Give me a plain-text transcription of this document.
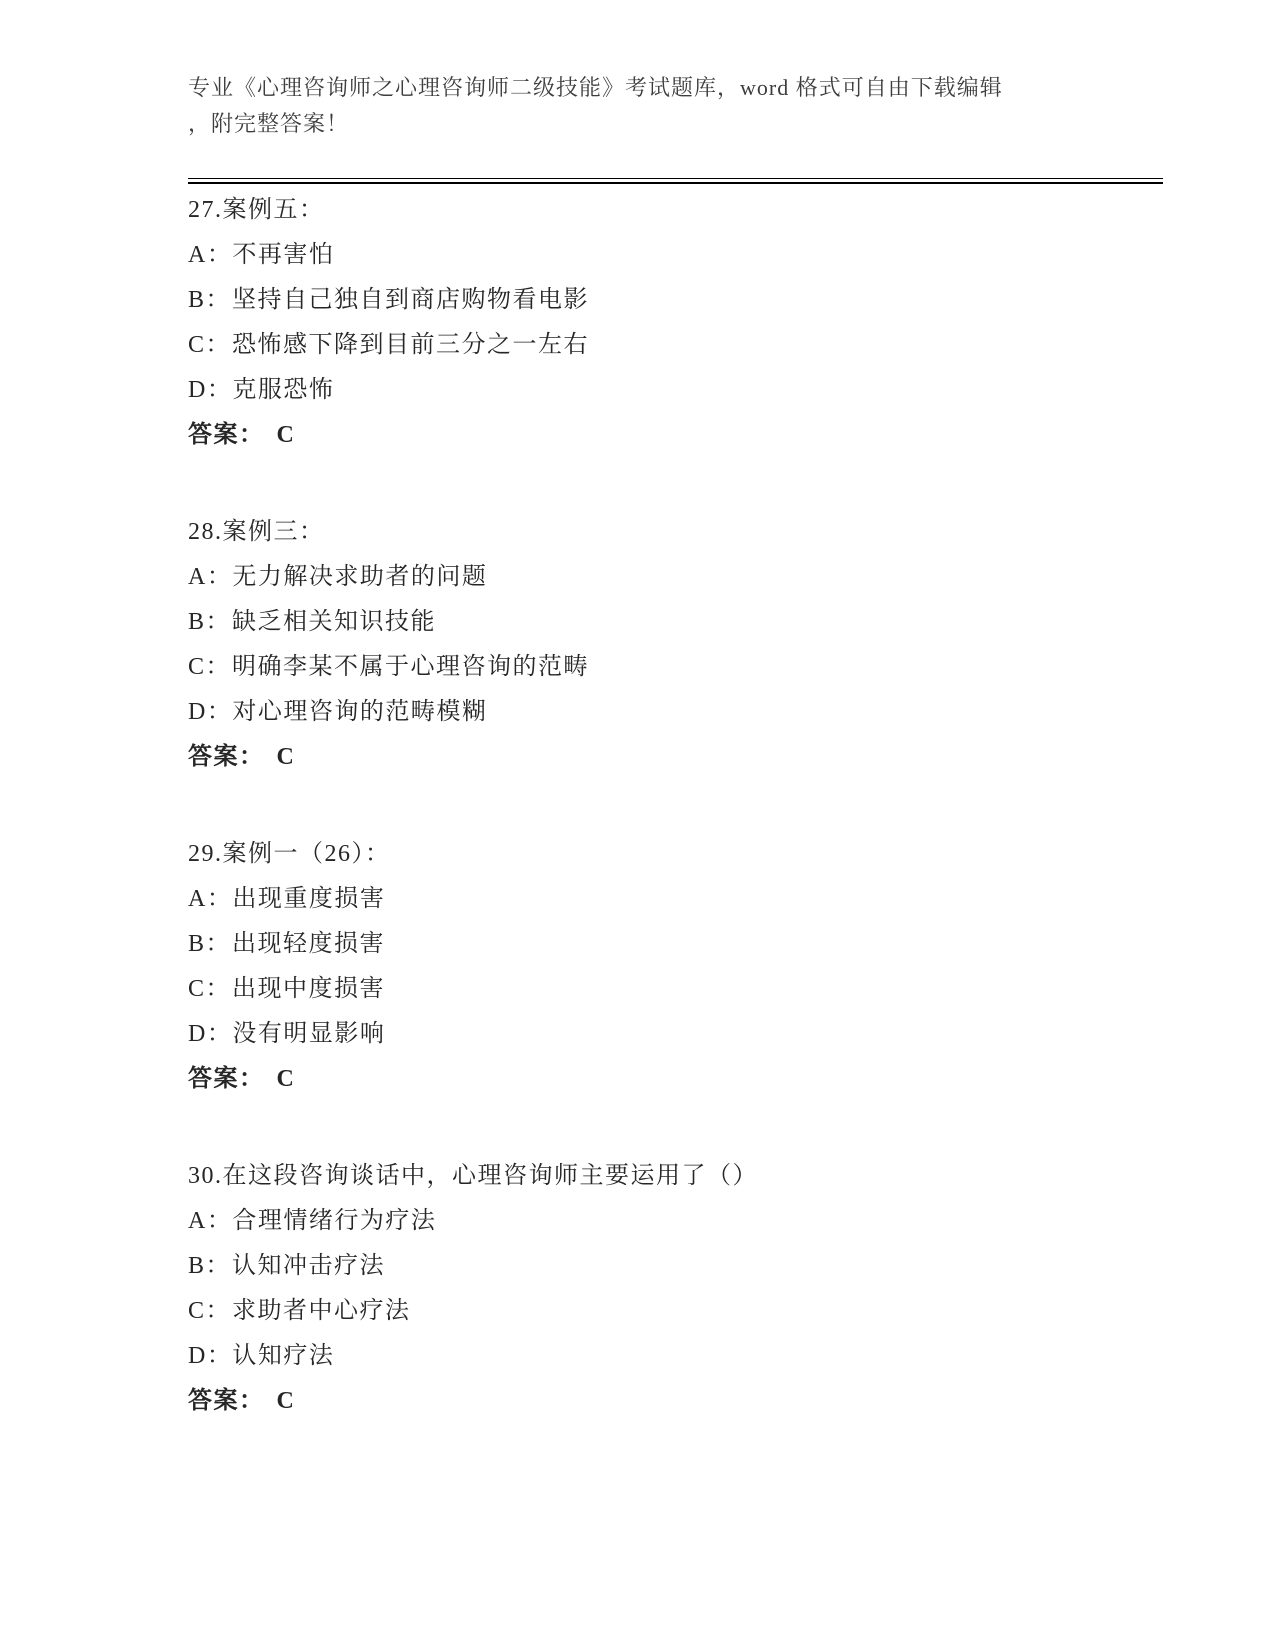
专业《心理咨询师之心理咨询师二级技能》考试题库，word 格式可自由下载编辑

，附完整答案！

27.案例五：

A：不再害怕

B：坚持自己独自到商店购物看电影

C：恐怖感下降到目前三分之一左右

D：克服恐怖

答案： C

28.案例三：

A：无力解决求助者的问题

B：缺乏相关知识技能

C：明确李某不属于心理咨询的范畴

D：对心理咨询的范畴模糊

答案： C

29.案例一（26）：

A：出现重度损害

B：出现轻度损害

C：出现中度损害

D：没有明显影响

答案： C

30.在这段咨询谈话中，心理咨询师主要运用了（）

A：合理情绪行为疗法

B：认知冲击疗法

C：求助者中心疗法

D：认知疗法

答案： C
